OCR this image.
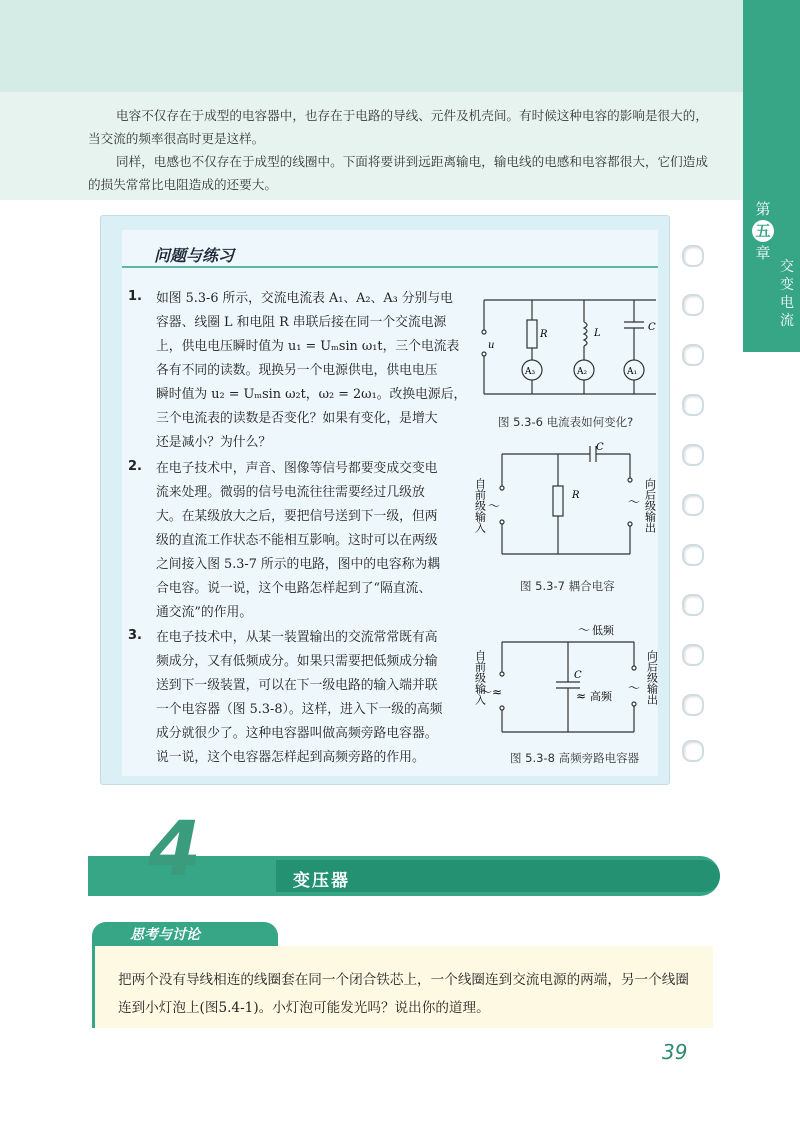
第
五
章
交
变
电
流
电容不仅存在于成型的电容器中，也存在于电路的导线、元件及机壳间。有时候这种电容的影响是很大的，
当交流的频率很高时更是这样。
同样，电感也不仅存在于成型的线圈中。下面将要讲到远距离输电，输电线的电感和电容都很大，它们造成
的损失常常比电阻造成的还要大。
问题与练习
1. 如图 5.3-6 所示，交流电流表 A₁、A₂、A₃ 分别与电
容器、线圈 L 和电阻 R 串联后接在同一个交流电源
上，供电电压瞬时值为 u₁ = Uₘsin ω₁t，三个电流表
各有不同的读数。现换另一个电源供电，供电电压
瞬时值为 u₂ = Uₘsin ω₂t，ω₂ = 2ω₁。改换电源后，
三个电流表的读数是否变化？如果有变化，是增大
还是减小？为什么？
2. 在电子技术中，声音、图像等信号都要变成交变电
流来处理。微弱的信号电流往往需要经过几级放
大。在某级放大之后，要把信号送到下一级，但两
级的直流工作状态不能相互影响。这时可以在两级
之间接入图 5.3-7 所示的电路，图中的电容称为耦
合电容。说一说，这个电路怎样起到了“隔直流、
通交流”的作用。
3. 在电子技术中，从某一装置输出的交流常常既有高
频成分，又有低频成分。如果只需要把低频成分输
送到下一级装置，可以在下一级电路的输入端并联
一个电容器（图 5.3-8）。这样，进入下一级的高频
成分就很少了。这种电容器叫做高频旁路电容器。
说一说，这个电容器怎样起到高频旁路的作用。
u
R	L
C
A₃	A₂	A₁
图 5.3-6 电流表如何变化?
R
C
～	～
自前级输入	向后级输出
图 5.3-7 耦合电容
～ 低频
C
≈ 高频
～≈	～
自前级输入	向后级输出
图 5.3-8 高频旁路电容器
4	变压器
思考与讨论
把两个没有导线相连的线圈套在同一个闭合铁芯上，一个线圈连到交流电源的两端，另一个线圈连到小灯泡上(图5.4-1)。小灯泡可能发光吗？说出你的道理。
39
